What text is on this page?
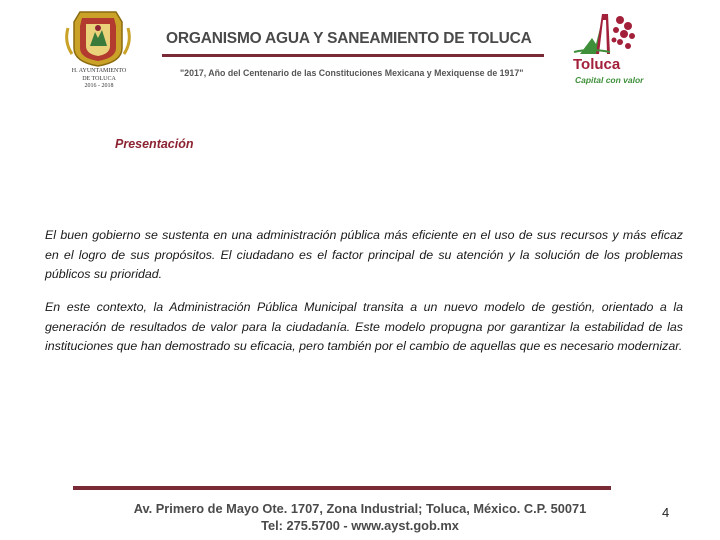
H. AYUNTAMIENTO
DE TOLUCA
2016 - 2018
ORGANISMO AGUA Y SANEAMIENTO DE TOLUCA
"2017, Año del Centenario de las Constituciones Mexicana y Mexiquense de 1917"	Toluca
Capital con valor
Presentación

El buen gobierno se sustenta en una administración pública más eficiente en el uso de sus recursos y más eficaz en el logro de sus propósitos. El ciudadano es el factor principal de su atención y la solución de los problemas públicos su prioridad.

En este contexto, la Administración Pública Municipal transita a un nuevo modelo de gestión, orientado a la generación de resultados de valor para la ciudadanía. Este modelo propugna por garantizar la estabilidad de las instituciones que han demostrado su eficacia, pero también por el cambio de aquellas que es necesario modernizar.

Av. Primero de Mayo Ote. 1707, Zona Industrial; Toluca, México. C.P. 50071
Tel: 275.5700 - www.ayst.gob.mx
4
